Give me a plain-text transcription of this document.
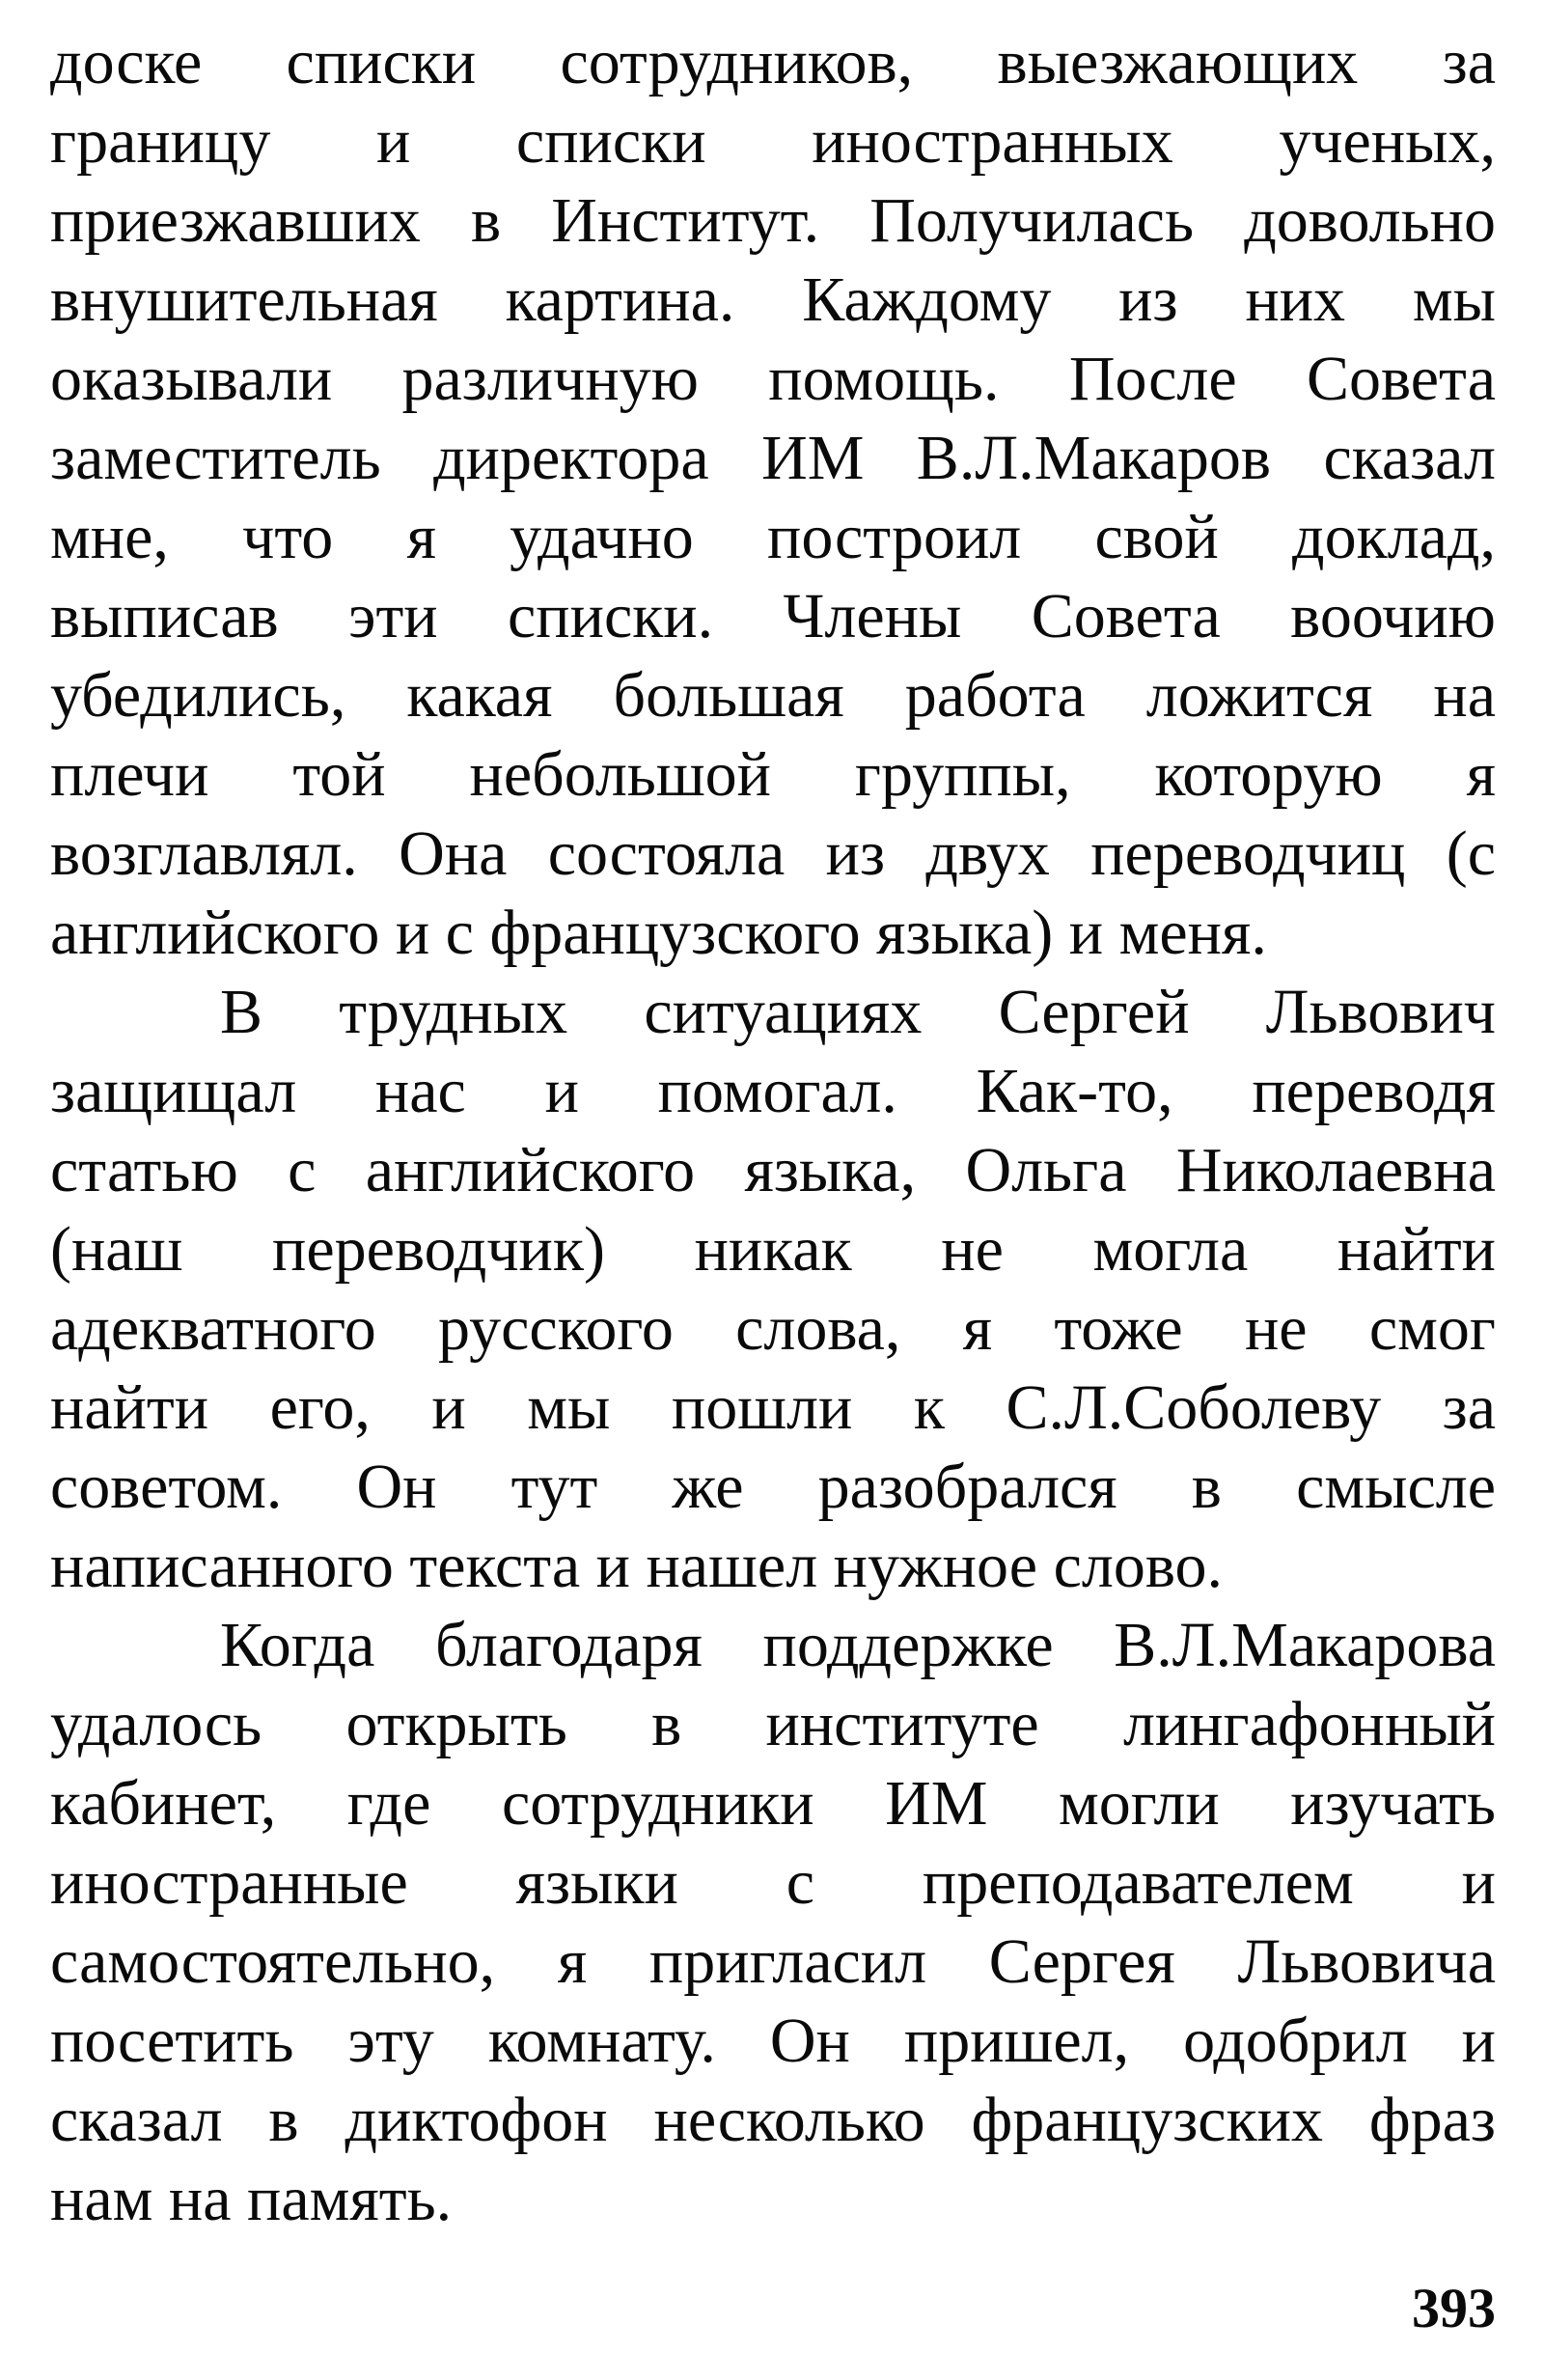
доске списки сотрудников, выезжающих за
границу и списки иностранных ученых,
приезжавших в Институт. Получилась довольно
внушительная картина. Каждому из них мы
оказывали различную помощь. После Совета
заместитель директора ИМ В.Л.Макаров сказал
мне, что я удачно построил свой доклад,
выписав эти списки. Члены Совета воочию
убедились, какая большая работа ложится на
плечи той небольшой группы, которую я
возглавлял. Она состояла из двух переводчиц (с
английского и с французского языка) и меня.
В трудных ситуациях Сергей Львович
защищал нас и помогал. Как-то, переводя
статью с английского языка, Ольга Николаевна
(наш переводчик) никак не могла найти
адекватного русского слова, я тоже не смог
найти его, и мы пошли к С.Л.Соболеву за
советом. Он тут же разобрался в смысле
написанного текста и нашел нужное слово.
Когда благодаря поддержке В.Л.Макарова
удалось открыть в институте лингафонный
кабинет, где сотрудники ИМ могли изучать
иностранные языки с преподавателем и
самостоятельно, я пригласил Сергея Львовича
посетить эту комнату. Он пришел, одобрил и
сказал в диктофон несколько французских фраз
нам на память.
393
